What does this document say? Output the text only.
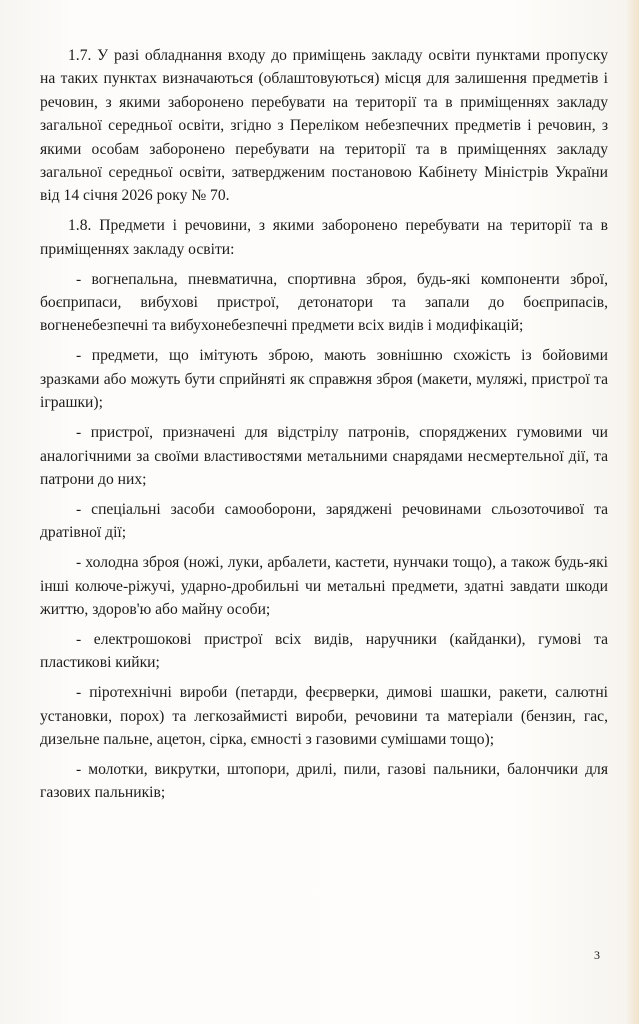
1.7. У разі обладнання входу до приміщень закладу освіти пунктами пропуску на таких пунктах визначаються (облаштовуються) місця для залишення предметів і речовин, з якими заборонено перебувати на території та в приміщеннях закладу загальної середньої освіти, згідно з Переліком небезпечних предметів і речовин, з якими особам заборонено перебувати на території та в приміщеннях закладу загальної середньої освіти, затвердженим постановою Кабінету Міністрів України від 14 січня 2026 року № 70.

1.8. Предмети і речовини, з якими заборонено перебувати на території та в приміщеннях закладу освіти:

- вогнепальна, пневматична, спортивна зброя, будь-які компоненти зброї, боєприпаси, вибухові пристрої, детонатори та запали до боєприпасів, вогненебезпечні та вибухонебезпечні предмети всіх видів і модифікацій;

- предмети, що імітують зброю, мають зовнішню схожість із бойовими зразками або можуть бути сприйняті як справжня зброя (макети, муляжі, пристрої та іграшки);

- пристрої, призначені для відстрілу патронів, споряджених гумовими чи аналогічними за своїми властивостями метальними снарядами несмертельної дії, та патрони до них;

- спеціальні засоби самооборони, заряджені речовинами сльозоточивої та дратівної дії;

- холодна зброя (ножі, луки, арбалети, кастети, нунчаки тощо), а також будь-які інші колюче-ріжучі, ударно-дробильні чи метальні предмети, здатні завдати шкоди життю, здоров'ю або майну особи;

- електрошокові пристрої всіх видів, наручники (кайданки), гумові та пластикові кийки;

- піротехнічні вироби (петарди, феєрверки, димові шашки, ракети, салютні установки, порох) та легкозаймисті вироби, речовини та матеріали (бензин, гас, дизельне пальне, ацетон, сірка, ємності з газовими сумішами тощо);

- молотки, викрутки, штопори, дрилі, пили, газові пальники, балончики для газових пальників;

3
